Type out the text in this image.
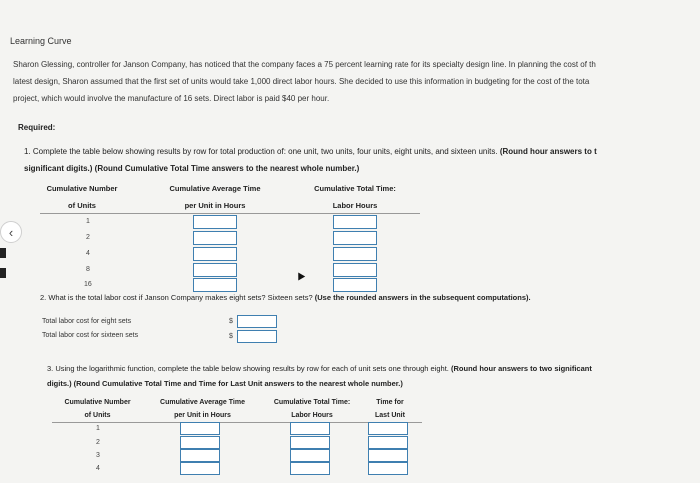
Learning Curve
Sharon Glessing, controller for Janson Company, has noticed that the company faces a 75 percent learning rate for its specialty design line. In planning the cost of th
latest design, Sharon assumed that the first set of units would take 1,000 direct labor hours. She decided to use this information in budgeting for the cost of the tota
project, which would involve the manufacture of 16 sets. Direct labor is paid $40 per hour.
Required:
1. Complete the table below showing results by row for total production of: one unit, two units, four units, eight units, and sixteen units. (Round hour answers to t
significant digits.) (Round Cumulative Total Time answers to the nearest whole number.)
Cumulative Number
of Units
Cumulative Average Time
per Unit in Hours
Cumulative Total Time:
Labor Hours
1
2
4
8
16
2. What is the total labor cost if Janson Company makes eight sets? Sixteen sets? (Use the rounded answers in the subsequent computations).
Total labor cost for eight sets
Total labor cost for sixteen sets
$
$
3. Using the logarithmic function, complete the table below showing results by row for each of unit sets one through eight. (Round hour answers to two significant
digits.) (Round Cumulative Total Time and Time for Last Unit answers to the nearest whole number.)
Cumulative Number
of Units
Cumulative Average Time
per Unit in Hours
Cumulative Total Time:
Labor Hours
Time for
Last Unit
1
2
3
4
‹
